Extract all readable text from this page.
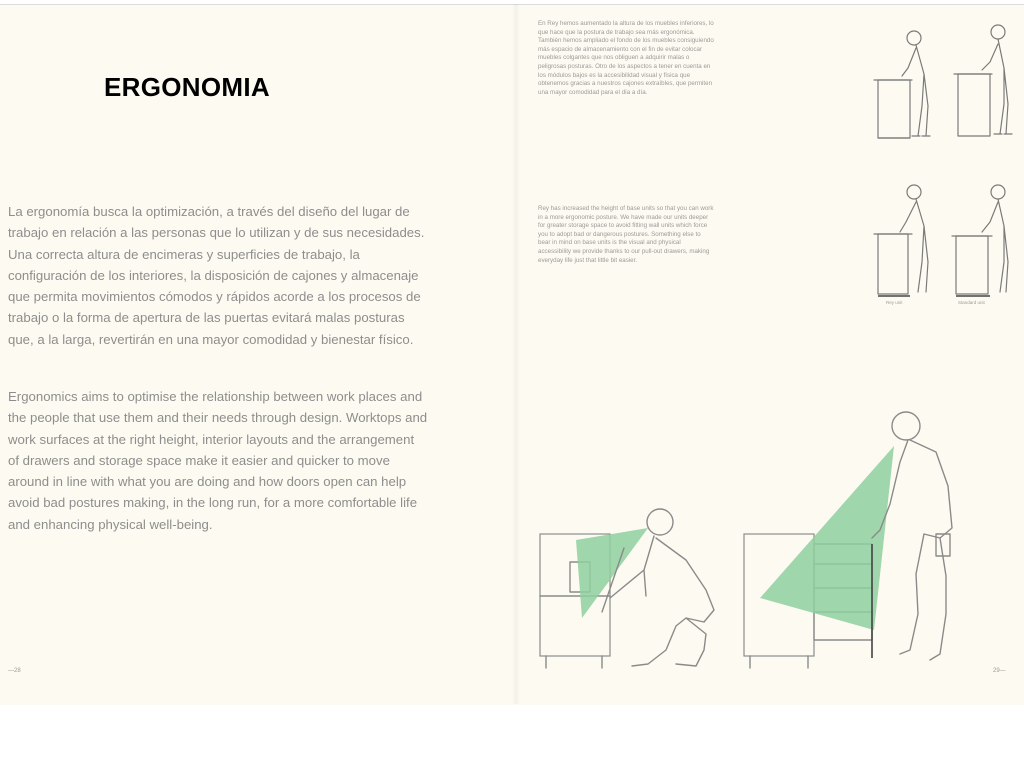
ERGONOMIA

La ergonomía busca la optimización, a través del diseño del lugar de trabajo en relación a las personas que lo utilizan y de sus necesidades. Una correcta altura de encimeras y superficies de trabajo, la configuración de los interiores, la disposición de cajones y almacenaje que permita movimientos cómodos y rápidos acorde a los procesos de trabajo o la forma de apertura de las puertas evitará malas posturas que, a la larga, revertirán en una mayor comodidad y bienestar físico.

Ergonomics aims to optimise the relationship between work places and the people that use them and their needs through design. Worktops and work surfaces at the right height, interior layouts and the arrangement of drawers and storage space make it easier and quicker to move around in line with what you are doing and how doors open can help avoid bad postures making, in the long run, for a more comfortable life and enhancing physical well-being.

En Rey hemos aumentado la altura de los muebles inferiores, lo que hace que la postura de trabajo sea más ergonómica. También hemos ampliado el fondo de los muebles consiguiendo más espacio de almacenamiento con el fin de evitar colocar muebles colgantes que nos obliguen a adquirir malas o peligrosas posturas. Otro de los aspectos a tener en cuenta en los módulos bajos es la accesibilidad visual y física que obtenemos gracias a nuestros cajones extraíbles, que permiten una mayor comodidad para el día a día.

Rey has increased the height of base units so that you can work in a more ergonomic posture. We have made our units deeper for greater storage space to avoid fitting wall units which force you to adopt bad or dangerous postures. Something else to bear in mind on base units is the visual and physical accessibility we provide thanks to our pull-out drawers, making everyday life just that little bit easier.

—28	29—
Rey unit	Standard unit
